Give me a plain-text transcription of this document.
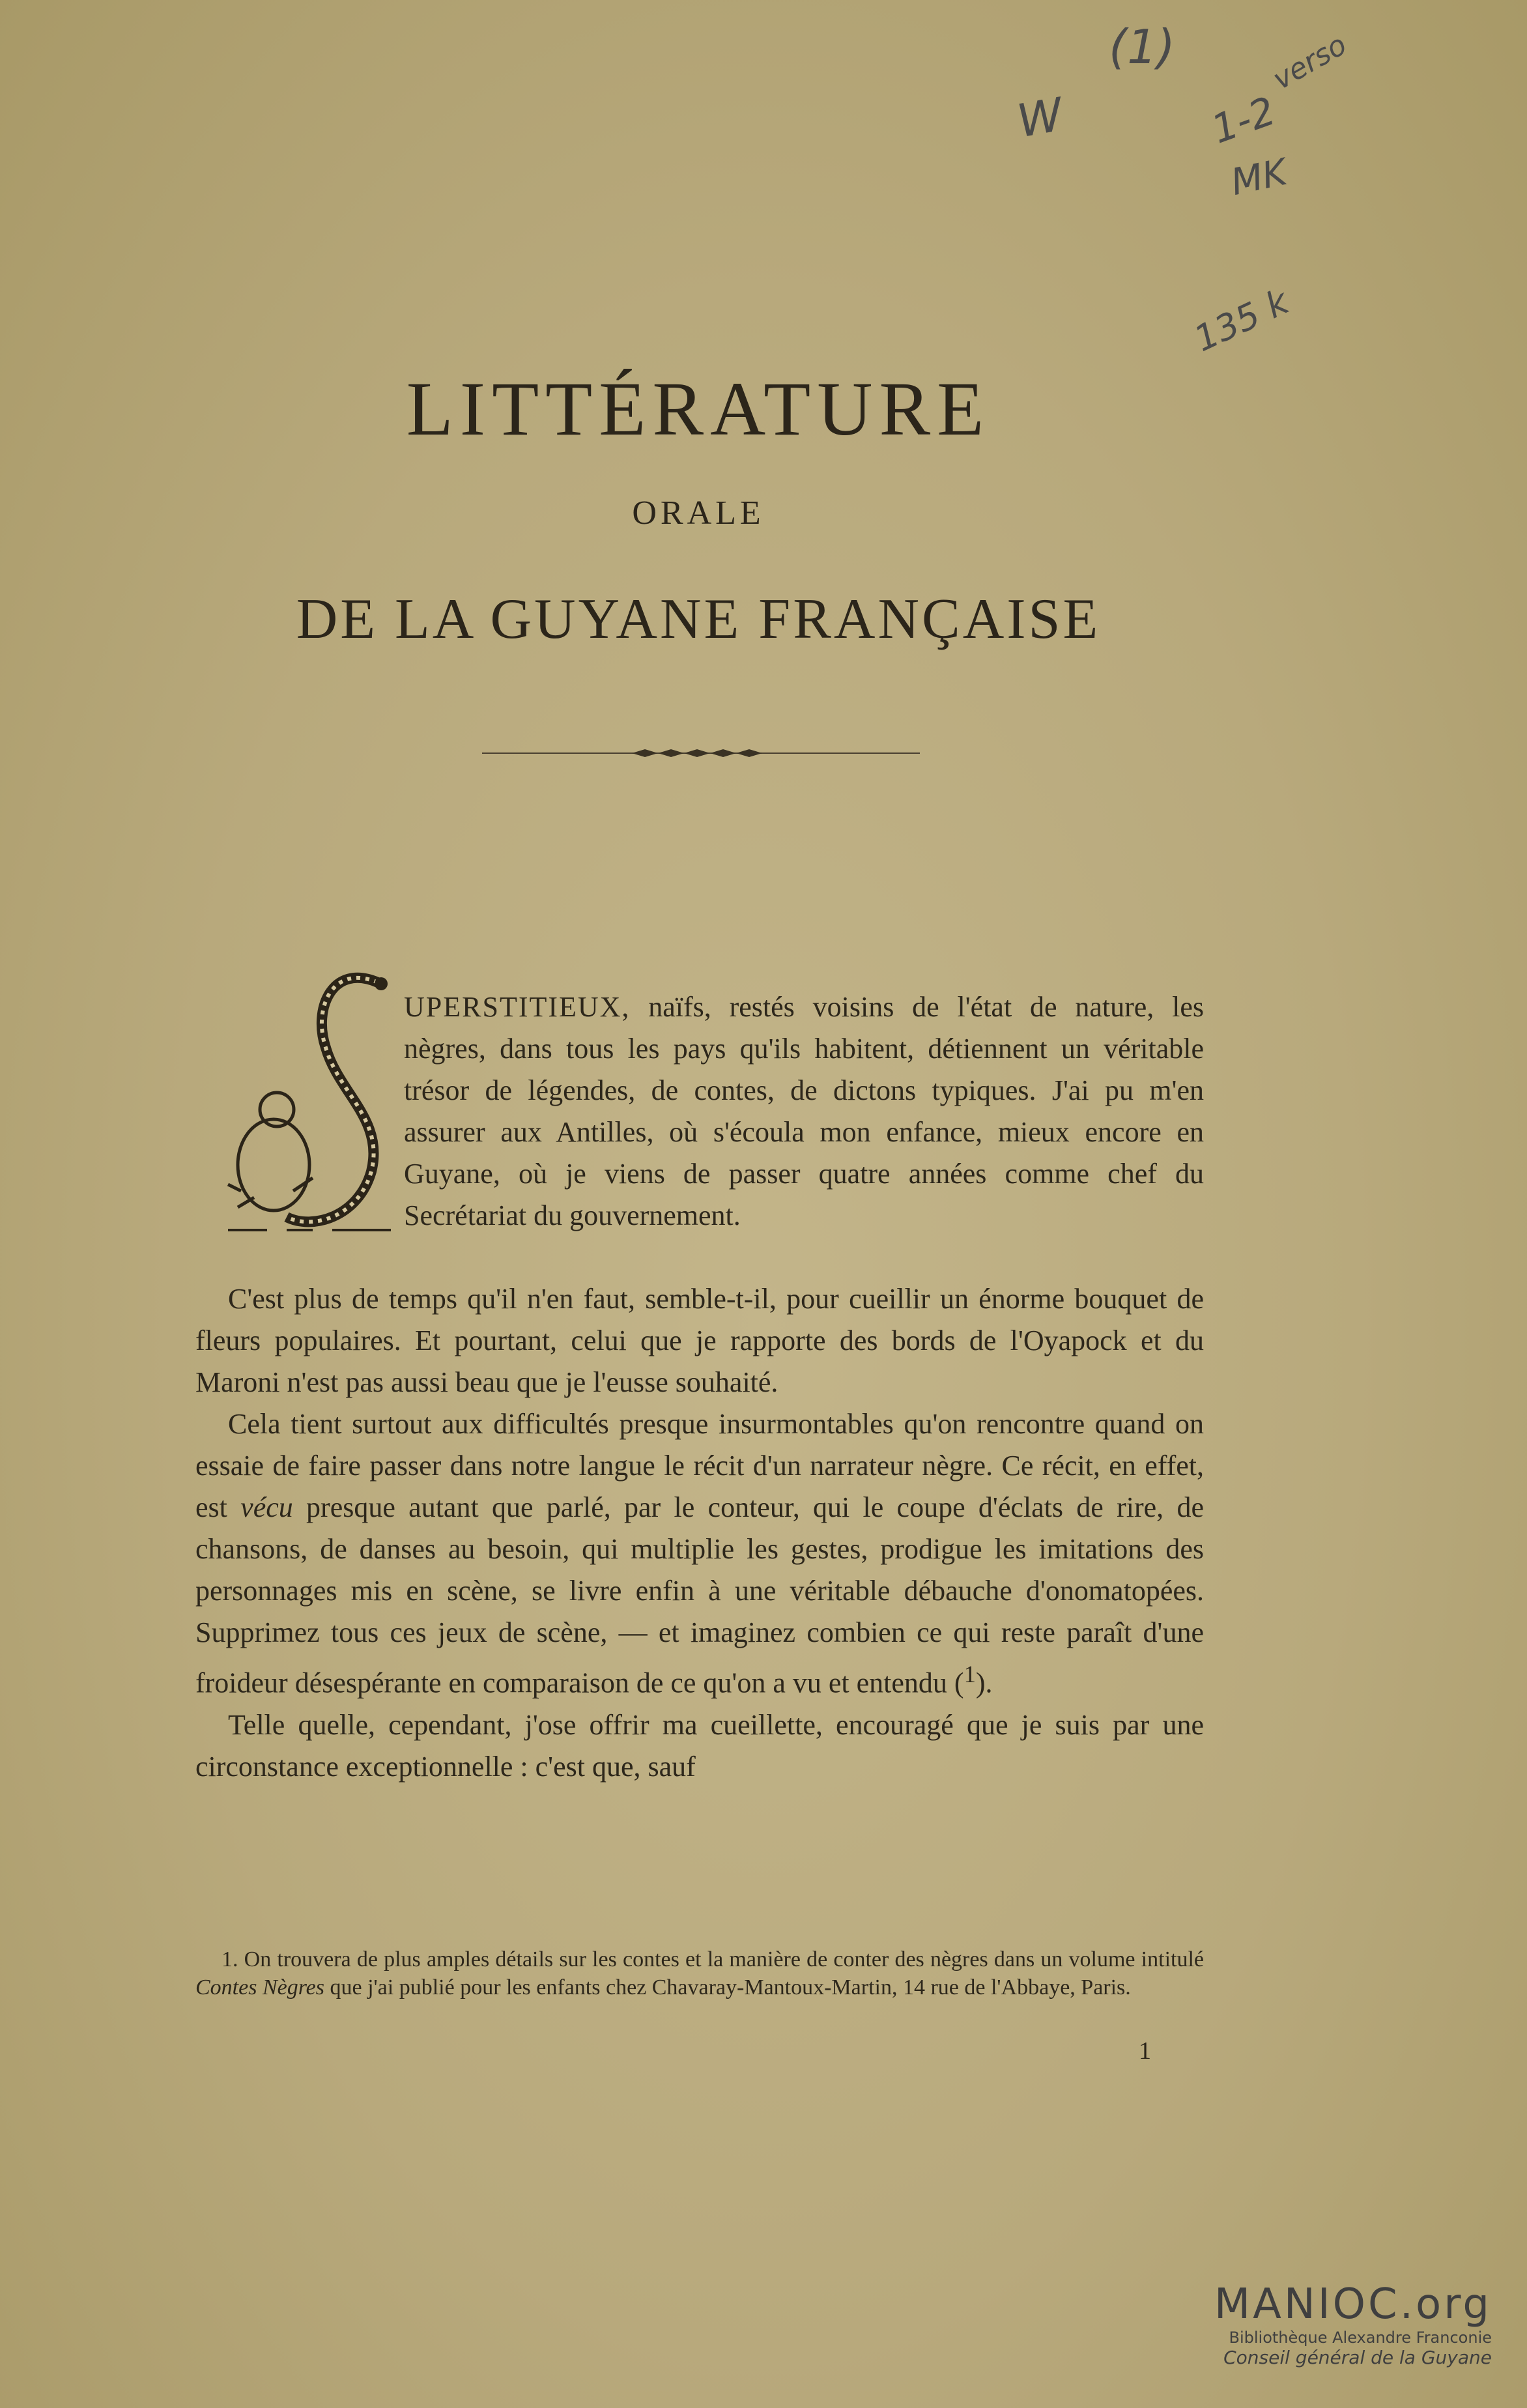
W
(1)
1-2
verso
MK
135 k
LITTÉRATURE
ORALE
DE LA GUYANE FRANÇAISE
UPERSTITIEUX, naïfs, restés voisins de l'état de nature, les nègres, dans tous les pays qu'ils habitent, détiennent un véritable trésor de légendes, de contes, de dictons typiques. J'ai pu m'en assurer aux Antilles, où s'écoula mon enfance, mieux encore en Guyane, où je viens de passer quatre années comme chef du Secrétariat du gouvernement.

C'est plus de temps qu'il n'en faut, semble-t-il, pour cueillir un énorme bouquet de fleurs populaires. Et pourtant, celui que je rapporte des bords de l'Oyapock et du Maroni n'est pas aussi beau que je l'eusse souhaité.

Cela tient surtout aux difficultés presque insurmontables qu'on rencontre quand on essaie de faire passer dans notre langue le récit d'un narrateur nègre. Ce récit, en effet, est vécu presque autant que parlé, par le conteur, qui le coupe d'éclats de rire, de chansons, de danses au besoin, qui multiplie les gestes, prodigue les imitations des personnages mis en scène, se livre enfin à une véritable débauche d'onomatopées. Supprimez tous ces jeux de scène, — et imaginez combien ce qui reste paraît d'une froideur désespérante en comparaison de ce qu'on a vu et entendu ($^1$).

Telle quelle, cependant, j'ose offrir ma cueillette, encouragé que je suis par une circonstance exceptionnelle : c'est que, sauf

1. On trouvera de plus amples détails sur les contes et la manière de conter des nègres dans un volume intitulé Contes Nègres que j'ai publié pour les enfants chez Chavaray-Mantoux-Martin, 14 rue de l'Abbaye, Paris.

1
MANIOC.org
Bibliothèque Alexandre Franconie
Conseil général de la Guyane
